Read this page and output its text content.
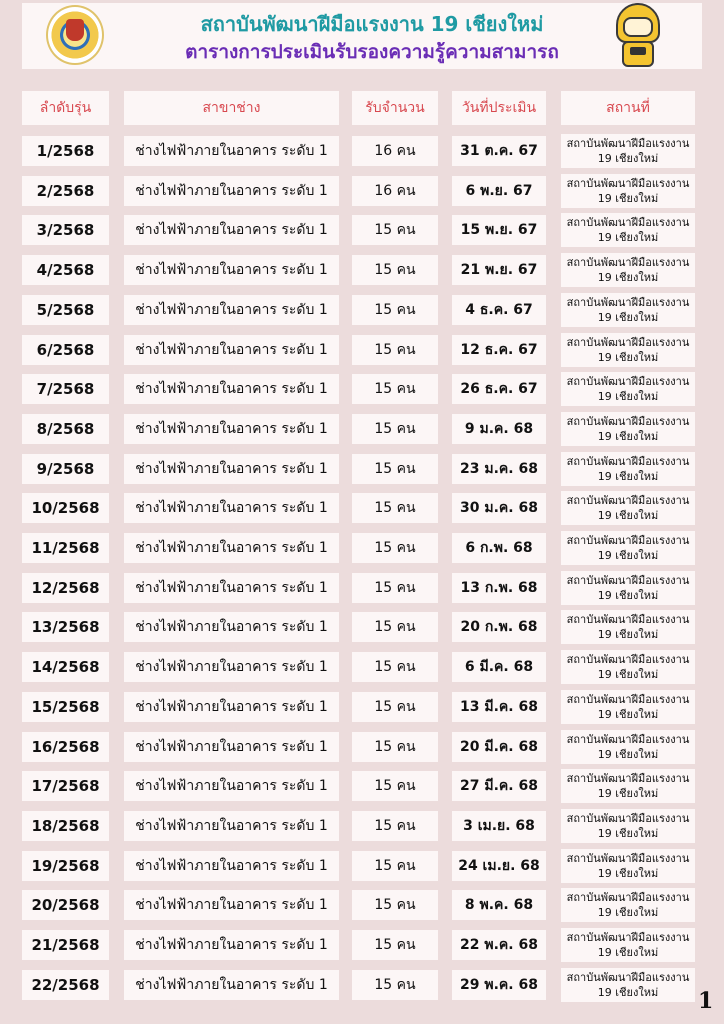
สถาบันพัฒนาฝีมือแรงงาน 19 เชียงใหม่
ตารางการประเมินรับรองความรู้ความสามารถ
ลำดับรุ่น	สาขาช่าง	รับจำนวน	วันที่ประเมิน	สถานที่
1/2568	ช่างไฟฟ้าภายในอาคาร ระดับ 1	16 คน	31 ต.ค. 67	สถาบันพัฒนาฝีมือแรงงาน
19 เชียงใหม่
2/2568	ช่างไฟฟ้าภายในอาคาร ระดับ 1	16 คน	6 พ.ย. 67	สถาบันพัฒนาฝีมือแรงงาน
19 เชียงใหม่
3/2568	ช่างไฟฟ้าภายในอาคาร ระดับ 1	15 คน	15 พ.ย. 67	สถาบันพัฒนาฝีมือแรงงาน
19 เชียงใหม่
4/2568	ช่างไฟฟ้าภายในอาคาร ระดับ 1	15 คน	21 พ.ย. 67	สถาบันพัฒนาฝีมือแรงงาน
19 เชียงใหม่
5/2568	ช่างไฟฟ้าภายในอาคาร ระดับ 1	15 คน	4 ธ.ค. 67	สถาบันพัฒนาฝีมือแรงงาน
19 เชียงใหม่
6/2568	ช่างไฟฟ้าภายในอาคาร ระดับ 1	15 คน	12 ธ.ค. 67	สถาบันพัฒนาฝีมือแรงงาน
19 เชียงใหม่
7/2568	ช่างไฟฟ้าภายในอาคาร ระดับ 1	15 คน	26 ธ.ค. 67	สถาบันพัฒนาฝีมือแรงงาน
19 เชียงใหม่
8/2568	ช่างไฟฟ้าภายในอาคาร ระดับ 1	15 คน	9 ม.ค. 68	สถาบันพัฒนาฝีมือแรงงาน
19 เชียงใหม่
9/2568	ช่างไฟฟ้าภายในอาคาร ระดับ 1	15 คน	23 ม.ค. 68	สถาบันพัฒนาฝีมือแรงงาน
19 เชียงใหม่
10/2568	ช่างไฟฟ้าภายในอาคาร ระดับ 1	15 คน	30 ม.ค. 68	สถาบันพัฒนาฝีมือแรงงาน
19 เชียงใหม่
11/2568	ช่างไฟฟ้าภายในอาคาร ระดับ 1	15 คน	6 ก.พ. 68	สถาบันพัฒนาฝีมือแรงงาน
19 เชียงใหม่
12/2568	ช่างไฟฟ้าภายในอาคาร ระดับ 1	15 คน	13 ก.พ. 68	สถาบันพัฒนาฝีมือแรงงาน
19 เชียงใหม่
13/2568	ช่างไฟฟ้าภายในอาคาร ระดับ 1	15 คน	20 ก.พ. 68	สถาบันพัฒนาฝีมือแรงงาน
19 เชียงใหม่
14/2568	ช่างไฟฟ้าภายในอาคาร ระดับ 1	15 คน	6 มี.ค. 68	สถาบันพัฒนาฝีมือแรงงาน
19 เชียงใหม่
15/2568	ช่างไฟฟ้าภายในอาคาร ระดับ 1	15 คน	13 มี.ค. 68	สถาบันพัฒนาฝีมือแรงงาน
19 เชียงใหม่
16/2568	ช่างไฟฟ้าภายในอาคาร ระดับ 1	15 คน	20 มี.ค. 68	สถาบันพัฒนาฝีมือแรงงาน
19 เชียงใหม่
17/2568	ช่างไฟฟ้าภายในอาคาร ระดับ 1	15 คน	27 มี.ค. 68	สถาบันพัฒนาฝีมือแรงงาน
19 เชียงใหม่
18/2568	ช่างไฟฟ้าภายในอาคาร ระดับ 1	15 คน	3 เม.ย. 68	สถาบันพัฒนาฝีมือแรงงาน
19 เชียงใหม่
19/2568	ช่างไฟฟ้าภายในอาคาร ระดับ 1	15 คน	24 เม.ย. 68	สถาบันพัฒนาฝีมือแรงงาน
19 เชียงใหม่
20/2568	ช่างไฟฟ้าภายในอาคาร ระดับ 1	15 คน	8 พ.ค. 68	สถาบันพัฒนาฝีมือแรงงาน
19 เชียงใหม่
21/2568	ช่างไฟฟ้าภายในอาคาร ระดับ 1	15 คน	22 พ.ค. 68	สถาบันพัฒนาฝีมือแรงงาน
19 เชียงใหม่
22/2568	ช่างไฟฟ้าภายในอาคาร ระดับ 1	15 คน	29 พ.ค. 68	สถาบันพัฒนาฝีมือแรงงาน
19 เชียงใหม่ 1
